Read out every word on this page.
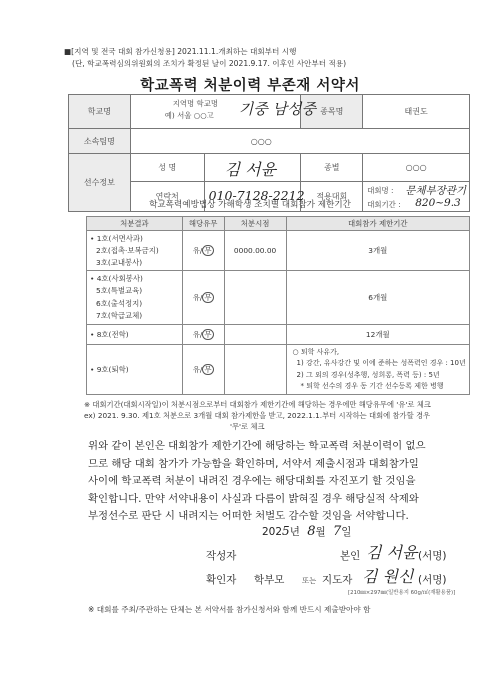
■[지역 및 전국 대회 참가신청용] 2021.11.1.개최하는 대회부터 시행
(단, 학교폭력심의위원회의 조치가 확정된 날이 2021.9.17. 이후인 사안부터 적용)
학교폭력 처분이력 부존재 서약서
학교명	지역명 학교명
예) 서울 ○○고 기중 남성중		종목명	태권도
소속팀명	○○○			
선수정보	성 명	김 서윤	종별	○○○
	연락처	010-7128-2212	적용대회	대회명 : 문체부장관기
대회기간 : 820~9.3
학교폭력예방법상 가해학생 조치별 대회참가 제한기간
처분결과	해당유무	처분시점	대회참가 제한기간

• 1호(서면사과)
2호(접촉·보복금지)
3호(교내봉사)	유/ 무	0000.00.00	3개월

• 4호(사회봉사)
5호(특별교육)
6호(출석정지)
7호(학급교체)	유/ 무		6개월
• 8호(전학)	유/ 무		12개월
• 9호(퇴학)	유/ 무		○ 퇴학 사유가,
1) 강간, 유사강간 및 이에 준하는 성폭력인 경우 : 10년
2) 그 외의 경우(성추행, 성희롱, 폭력 등) : 5년
* 퇴학 선수의 경우 동 기간 선수등록 제한 병행
※ 대회기간(대회시작일)이 처분시점으로부터 대회참가 제한기간에 해당하는 경우에만 해당유무에 '유'로 체크
ex) 2021. 9.30. 제1호 처분으로 3개월 대회 참가제한을 받고, 2022.1.1.부터 시작하는 대회에 참가할 경우
'무'로 체크
위와 같이 본인은 대회참가 제한기간에 해당하는 학교폭력 처분이력이 없으
므로 해당 대회 참가가 가능함을 확인하며, 서약서 제출시점과 대회참가일
사이에 학교폭력 처분이 내려진 경우에는 해당대회를 자진포기 할 것임을
확인합니다. 만약 서약내용이 사실과 다름이 밝혀질 경우 해당실적 삭제와
부정선수로 판단 시 내려지는 어떠한 처벌도 감수할 것임을 서약합니다.
2025년 8월 7일
작성자	본인 김 서윤 (서명)
확인자 학부모 또는 지도자 김 원신 (서명)
[210㎜×297㎜(일반용지 60g/㎡(재활용품)]
※ 대회를 주최/주관하는 단체는 본 서약서를 참가신청서와 함께 반드시 제출받아야 함
